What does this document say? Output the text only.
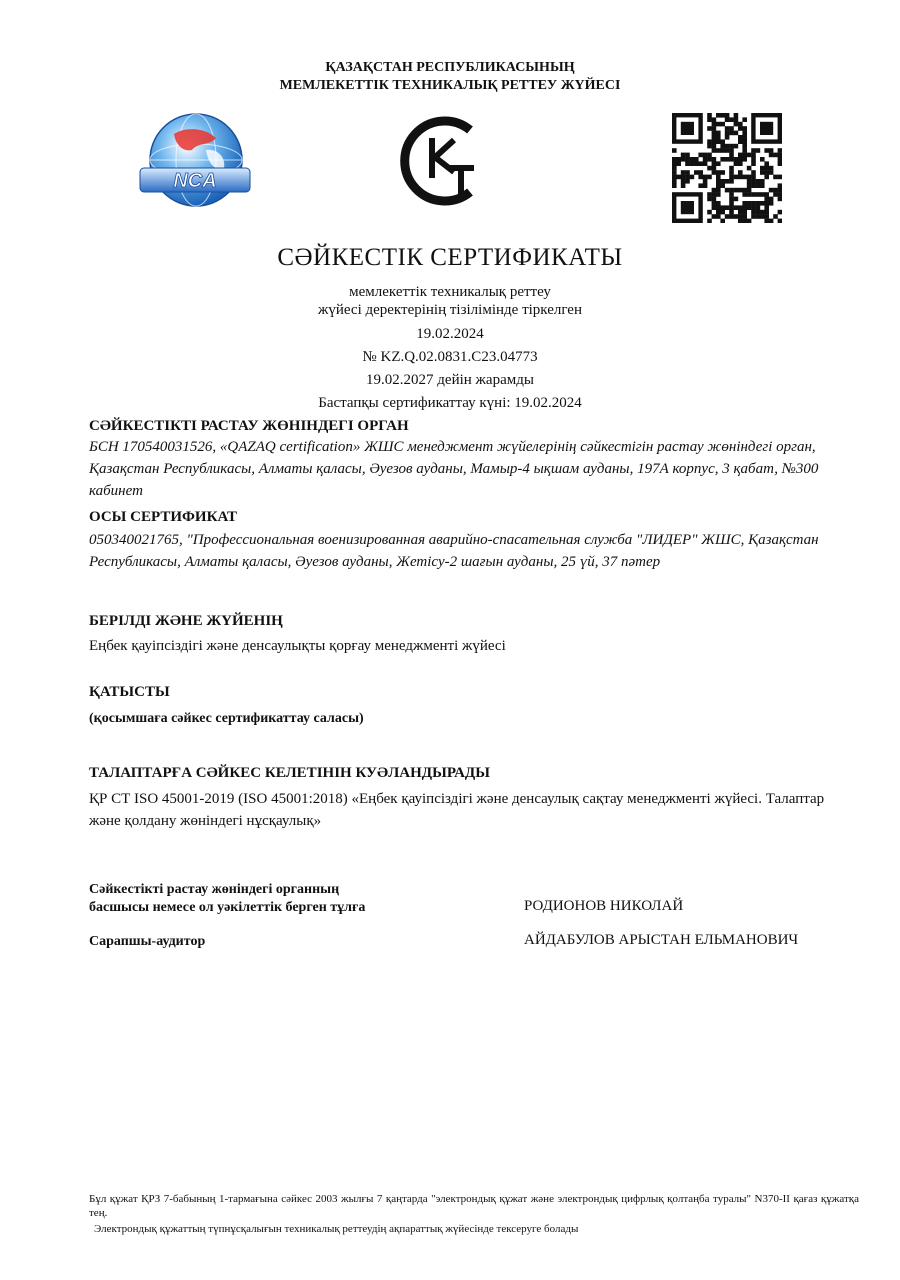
ҚАЗАҚСТАН РЕСПУБЛИКАСЫНЫҢ
МЕМЛЕКЕТТІК ТЕХНИКАЛЫҚ РЕТТЕУ ЖҮЙЕСІ
NCA
СӘЙКЕСТІК СЕРТИФИКАТЫ
мемлекеттік техникалық реттеу
жүйесі деректерінің тізілімінде тіркелген
19.02.2024
№ KZ.Q.02.0831.C23.04773
19.02.2027 дейін жарамды
Бастапқы сертификаттау күні: 19.02.2024
СӘЙКЕСТІКТІ РАСТАУ ЖӨНІНДЕГІ ОРГАН
БСН 170540031526, «QAZAQ certification» ЖШС менеджмент жүйелерінің сәйкестігін растау жөніндегі орган, Қазақстан Республикасы, Алматы қаласы, Әуезов ауданы, Мамыр-4 ықшам ауданы, 197А корпус, 3 қабат, №300 кабинет
ОСЫ СЕРТИФИКАТ
050340021765, "Профессиональная военизированная аварийно-спасательная служба "ЛИДЕР" ЖШС, Қазақстан Республикасы, Алматы қаласы, Әуезов ауданы, Жетісу-2 шағын ауданы, 25 үй, 37 пәтер
БЕРІЛДІ ЖӘНЕ ЖҮЙЕНІҢ
Еңбек қауіпсіздігі және денсаулықты қорғау менеджменті жүйесі
ҚАТЫСТЫ
(қосымшаға сәйкес сертификаттау саласы)
ТАЛАПТАРҒА СӘЙКЕС КЕЛЕТІНІН КУӘЛАНДЫРАДЫ
ҚР СТ ISO 45001-2019 (ISO 45001:2018) «Еңбек қауіпсіздігі және денсаулық сақтау менеджменті жүйесі. Талаптар және қолдану жөніндегі нұсқаулық»
Сәйкестікті растау жөніндегі органның
басшысы немесе ол уәкілеттік берген тұлға	РОДИОНОВ НИКОЛАЙ
Сарапшы-аудитор	АЙДАБУЛОВ АРЫСТАН ЕЛЬМАНОВИЧ
Бұл құжат ҚРЗ 7-бабының 1-тармағына сәйкес 2003 жылғы 7 қаңтарда "электрондық құжат және электрондық цифрлық қолтаңба туралы" N370-II қағаз құжатқа тең.
Электрондық құжаттың түпнұсқалығын техникалық реттеудің ақпараттық жүйесінде тексеруге болады
